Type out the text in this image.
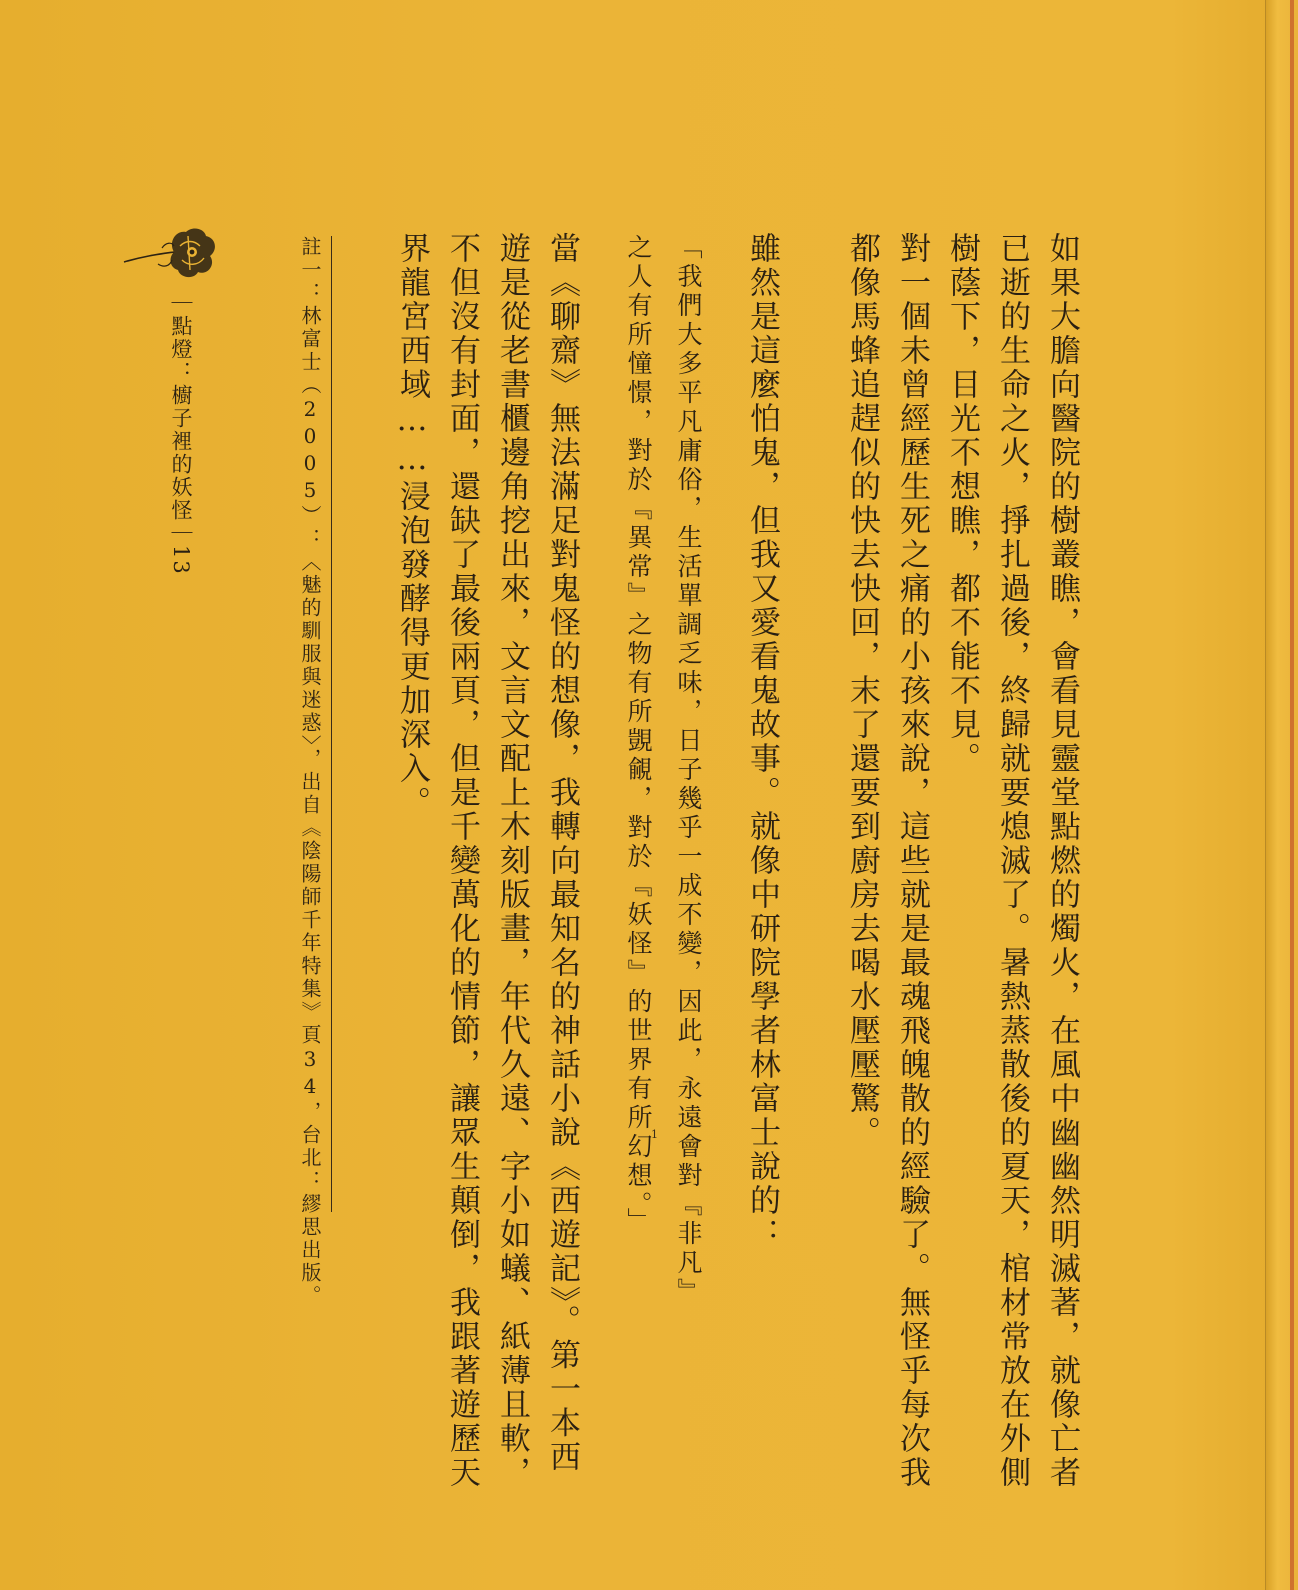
如果大膽向醫院的樹叢瞧，會看見靈堂點燃的燭火，在風中幽幽然明滅著，就像亡者
已逝的生命之火，掙扎過後，終歸就要熄滅了。暑熱蒸散後的夏天，棺材常放在外側
樹蔭下，目光不想瞧，都不能不見。
對一個未曾經歷生死之痛的小孩來說，這些就是最魂飛魄散的經驗了。無怪乎每次我
都像馬蜂追趕似的快去快回，末了還要到廚房去喝水壓壓驚。
雖然是這麼怕鬼，但我又愛看鬼故事。就像中研院學者林富士說的：
「我們大多平凡庸俗，生活單調乏味，日子幾乎一成不變，因此，永遠會對『非凡』
之人有所憧憬，對於『異常』之物有所覬覦，對於『妖怪』的世界有所幻想。」
1
當《聊齋》無法滿足對鬼怪的想像，我轉向最知名的神話小說《西遊記》。第一本西
遊是從老書櫃邊角挖出來，文言文配上木刻版畫，年代久遠、字小如蟻、紙薄且軟，
不但沒有封面，還缺了最後兩頁，但是千變萬化的情節，讓眾生顛倒，我跟著遊歷天
界龍宮西域……浸泡發酵得更加深入。
註一：林富士（2005）：〈魅的馴服與迷惑〉，出自《陰陽師千年特集》頁34，台北：繆思出版。
｜點燈：櫥子裡的妖怪｜13
